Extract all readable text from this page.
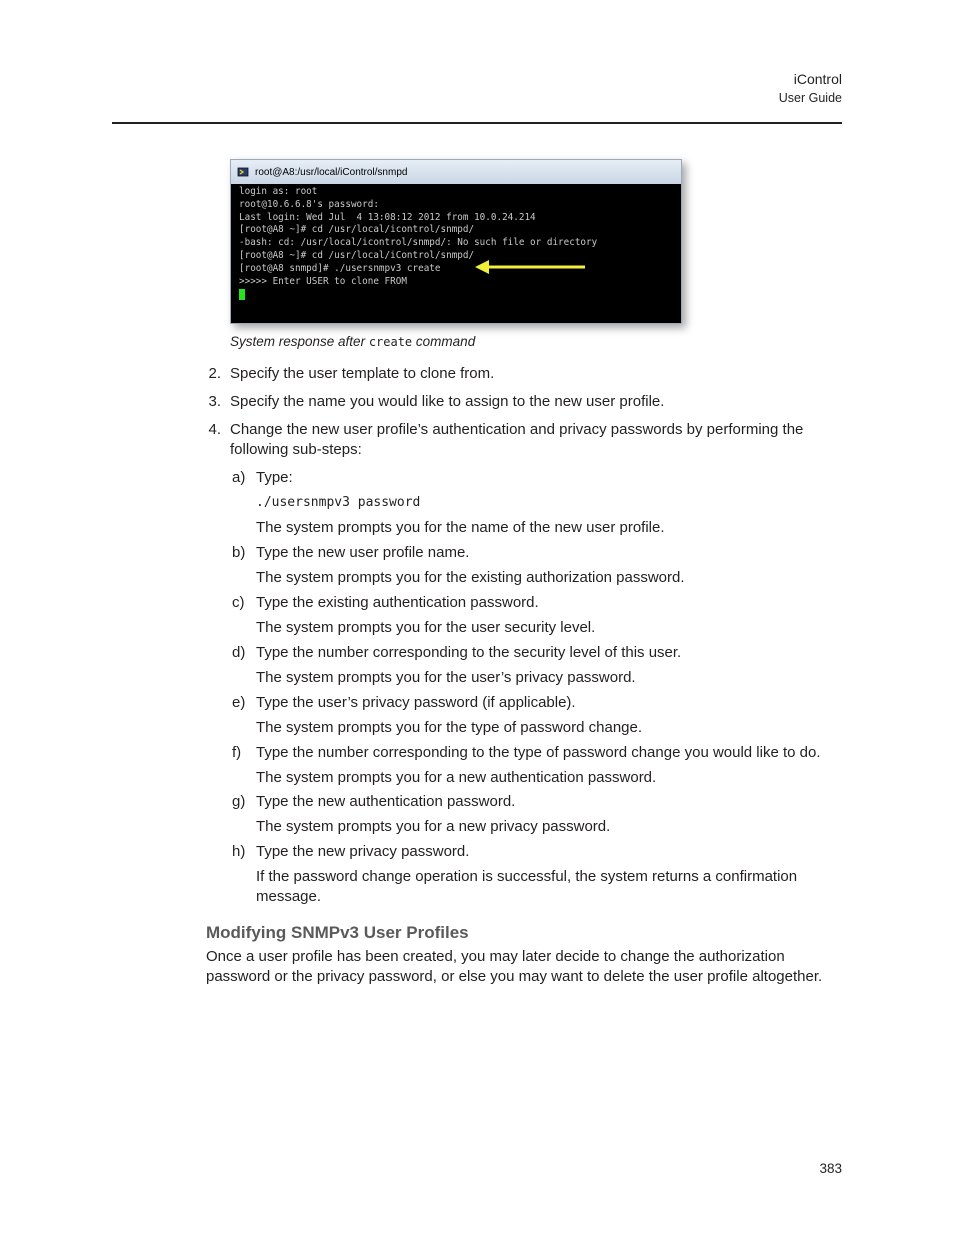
iControl
User Guide
root@A8:/usr/local/iControl/snmpd
login as: root
root@10.6.6.8's password:
Last login: Wed Jul  4 13:08:12 2012 from 10.0.24.214
[root@A8 ~]# cd /usr/local/icontrol/snmpd/
-bash: cd: /usr/local/icontrol/snmpd/: No such file or directory
[root@A8 ~]# cd /usr/local/iControl/snmpd/
[root@A8 snmpd]# ./usersnmpv3 create
>>>>> Enter USER to clone FROM
System response after create command
2. Specify the user template to clone from.
3. Specify the name you would like to assign to the new user profile.
4. Change the new user profile’s authentication and privacy passwords by performing the
following sub-steps:
a) Type:
./usersnmpv3 password
The system prompts you for the name of the new user profile.
b) Type the new user profile name.
The system prompts you for the existing authorization password.
c) Type the existing authentication password.
The system prompts you for the user security level.
d) Type the number corresponding to the security level of this user.
The system prompts you for the user’s privacy password.
e) Type the user’s privacy password (if applicable).
The system prompts you for the type of password change.
f) Type the number corresponding to the type of password change you would like to do.
The system prompts you for a new authentication password.
g) Type the new authentication password.
The system prompts you for a new privacy password.
h) Type the new privacy password.
If the password change operation is successful, the system returns a confirmation
message.
Modifying SNMPv3 User Profiles
Once a user profile has been created, you may later decide to change the authorization
password or the privacy password, or else you may want to delete the user profile altogether.
383
